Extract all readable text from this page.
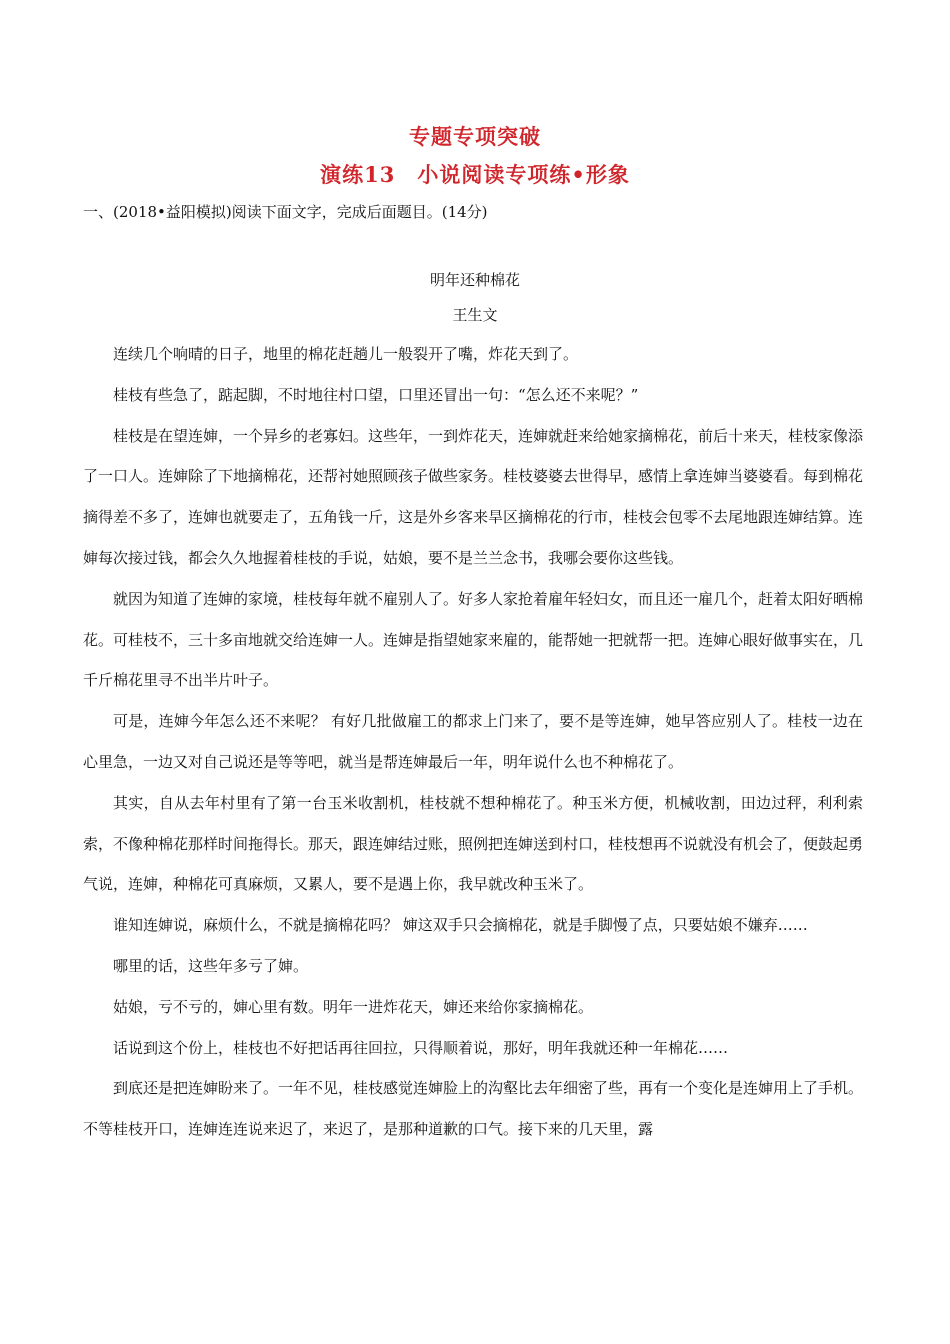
专题专项突破
演练13　小说阅读专项练•形象
一、(2018•益阳模拟)阅读下面文字，完成后面题目。(14分)
明年还种棉花
王生文

连续几个响晴的日子，地里的棉花赶趟儿一般裂开了嘴，炸花天到了。

桂枝有些急了，踮起脚，不时地往村口望，口里还冒出一句：“怎么还不来呢？”

桂枝是在望连婶，一个异乡的老寡妇。这些年，一到炸花天，连婶就赶来给她家摘棉花，前后十来天，桂枝家像添了一口人。连婶除了下地摘棉花，还帮衬她照顾孩子做些家务。桂枝婆婆去世得早，感情上拿连婶当婆婆看。每到棉花摘得差不多了，连婶也就要走了，五角钱一斤，这是外乡客来旱区摘棉花的行市，桂枝会包零不去尾地跟连婶结算。连婶每次接过钱，都会久久地握着桂枝的手说，姑娘，要不是兰兰念书，我哪会要你这些钱。

就因为知道了连婶的家境，桂枝每年就不雇别人了。好多人家抢着雇年轻妇女，而且还一雇几个，赶着太阳好晒棉花。可桂枝不，三十多亩地就交给连婶一人。连婶是指望她家来雇的，能帮她一把就帮一把。连婶心眼好做事实在，几千斤棉花里寻不出半片叶子。

可是，连婶今年怎么还不来呢？ 有好几批做雇工的都求上门来了，要不是等连婶，她早答应别人了。桂枝一边在心里急，一边又对自己说还是等等吧，就当是帮连婶最后一年，明年说什么也不种棉花了。

其实，自从去年村里有了第一台玉米收割机，桂枝就不想种棉花了。种玉米方便，机械收割，田边过秤，利利索索，不像种棉花那样时间拖得长。那天，跟连婶结过账，照例把连婶送到村口，桂枝想再不说就没有机会了，便鼓起勇气说，连婶，种棉花可真麻烦，又累人，要不是遇上你，我早就改种玉米了。

谁知连婶说，麻烦什么，不就是摘棉花吗？ 婶这双手只会摘棉花，就是手脚慢了点，只要姑娘不嫌弃……

哪里的话，这些年多亏了婶。

姑娘，亏不亏的，婶心里有数。明年一进炸花天，婶还来给你家摘棉花。

话说到这个份上，桂枝也不好把话再往回拉，只得顺着说，那好，明年我就还种一年棉花……

到底还是把连婶盼来了。一年不见，桂枝感觉连婶脸上的沟壑比去年细密了些，再有一个变化是连婶用上了手机。不等桂枝开口，连婶连连说来迟了，来迟了，是那种道歉的口气。接下来的几天里，露
